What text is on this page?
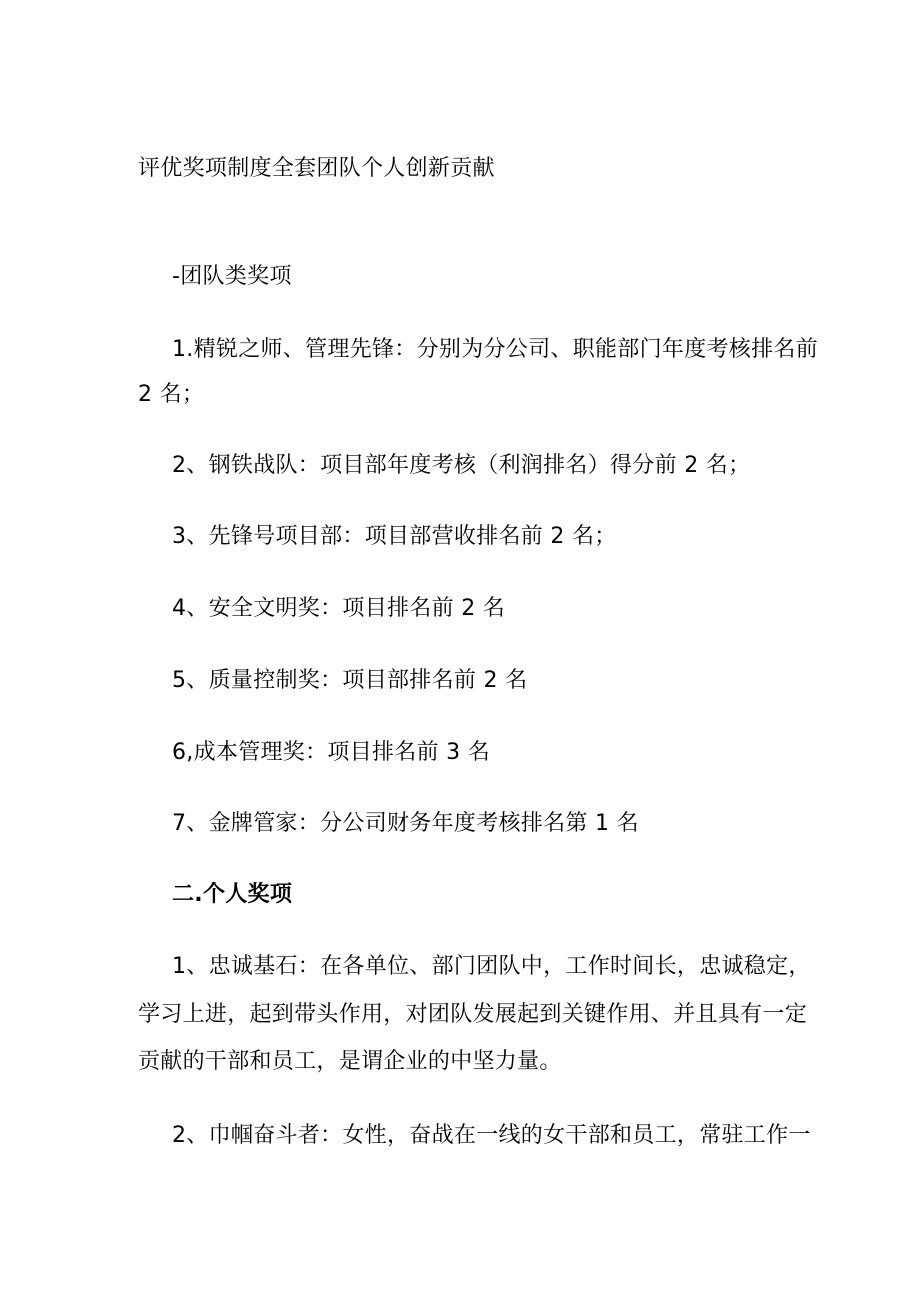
评优奖项制度全套团队个人创新贡献
-团队类奖项
1.精锐之师、管理先锋：分别为分公司、职能部门年度考核排名前
2 名；
2、钢铁战队：项目部年度考核（利润排名）得分前 2 名；
3、先锋号项目部：项目部营收排名前 2 名；
4、安全文明奖：项目排名前 2 名
5、质量控制奖：项目部排名前 2 名
6,成本管理奖：项目排名前 3 名
7、金牌管家：分公司财务年度考核排名第 1 名
二.个人奖项
1、忠诚基石：在各单位、部门团队中，工作时间长，忠诚稳定，
学习上进，起到带头作用，对团队发展起到关键作用、并且具有一定
贡献的干部和员工，是谓企业的中坚力量。
2、巾帼奋斗者：女性，奋战在一线的女干部和员工，常驻工作一
